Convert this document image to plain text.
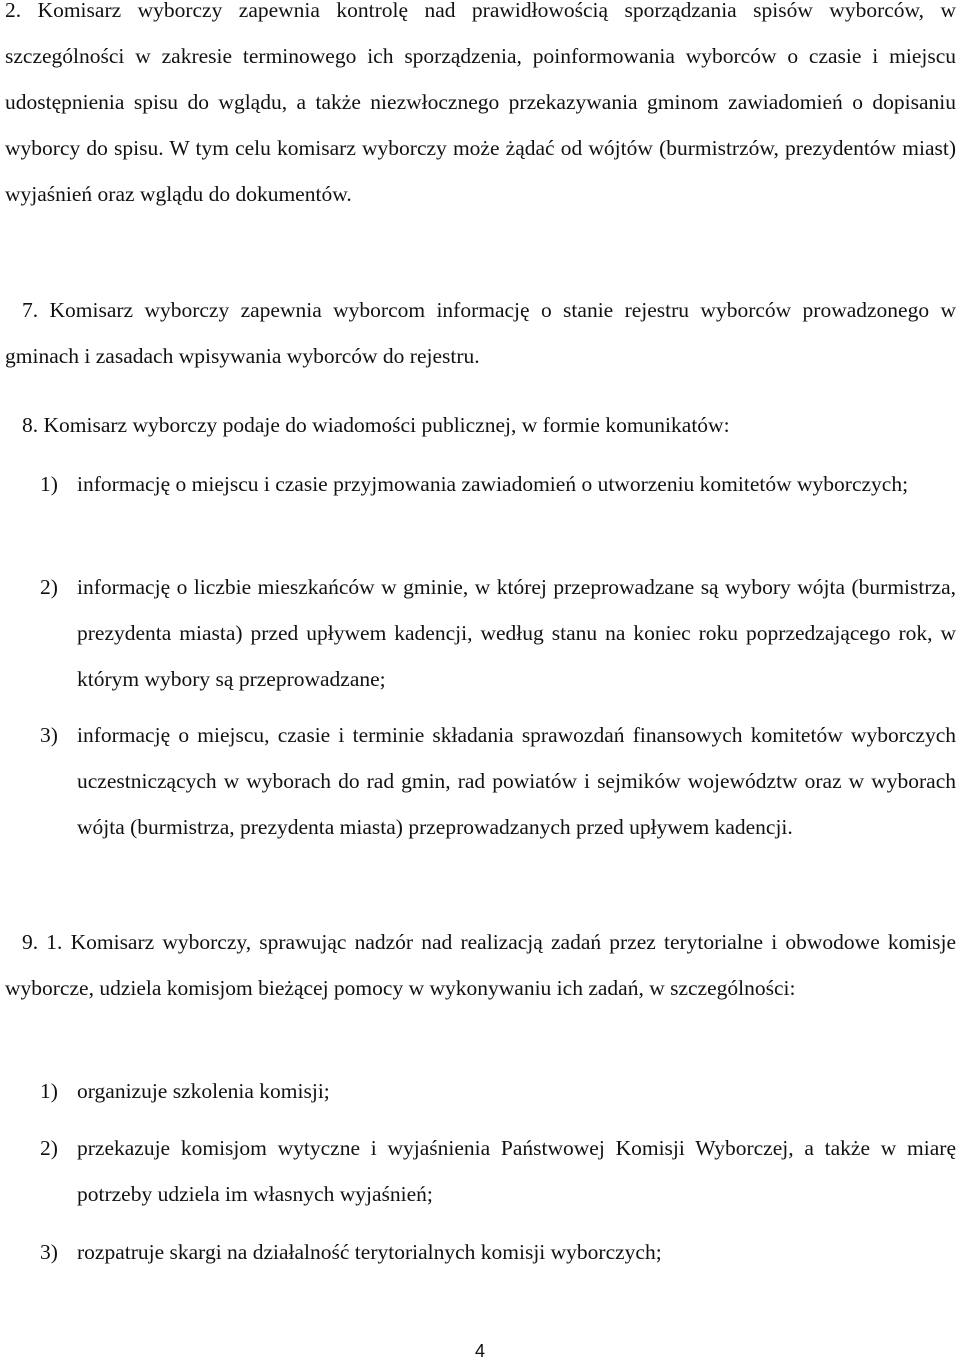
2. Komisarz wyborczy zapewnia kontrolę nad prawidłowością sporządzania spisów wyborców, w szczególności w zakresie terminowego ich sporządzenia, poinformowania wyborców o czasie i miejscu udostępnienia spisu do wglądu, a także niezwłocznego przekazywania gminom zawiadomień o dopisaniu wyborcy do spisu. W tym celu komisarz wyborczy może żądać od wójtów (burmistrzów, prezydentów miast) wyjaśnień oraz wglądu do dokumentów.

7. Komisarz wyborczy zapewnia wyborcom informację o stanie rejestru wyborców prowadzonego w gminach i zasadach wpisywania wyborców do rejestru.

8. Komisarz wyborczy podaje do wiadomości publicznej, w formie komunikatów:

1) informację o miejscu i czasie przyjmowania zawiadomień o utworzeniu komitetów wyborczych;
2) informację o liczbie mieszkańców w gminie, w której przeprowadzane są wybory wójta (burmistrza, prezydenta miasta) przed upływem kadencji, według stanu na koniec roku poprzedzającego rok, w którym wybory są przeprowadzane;
3) informację o miejscu, czasie i terminie składania sprawozdań finansowych komitetów wyborczych uczestniczących w wyborach do rad gmin, rad powiatów i sejmików województw oraz w wyborach wójta (burmistrza, prezydenta miasta) przeprowadzanych przed upływem kadencji.

9. 1. Komisarz wyborczy, sprawując nadzór nad realizacją zadań przez terytorialne i obwodowe komisje wyborcze, udziela komisjom bieżącej pomocy w wykonywaniu ich zadań, w szczególności:

1) organizuje szkolenia komisji;
2) przekazuje komisjom wytyczne i wyjaśnienia Państwowej Komisji Wyborczej, a także w miarę potrzeby udziela im własnych wyjaśnień;
3) rozpatruje skargi na działalność terytorialnych komisji wyborczych;
4
